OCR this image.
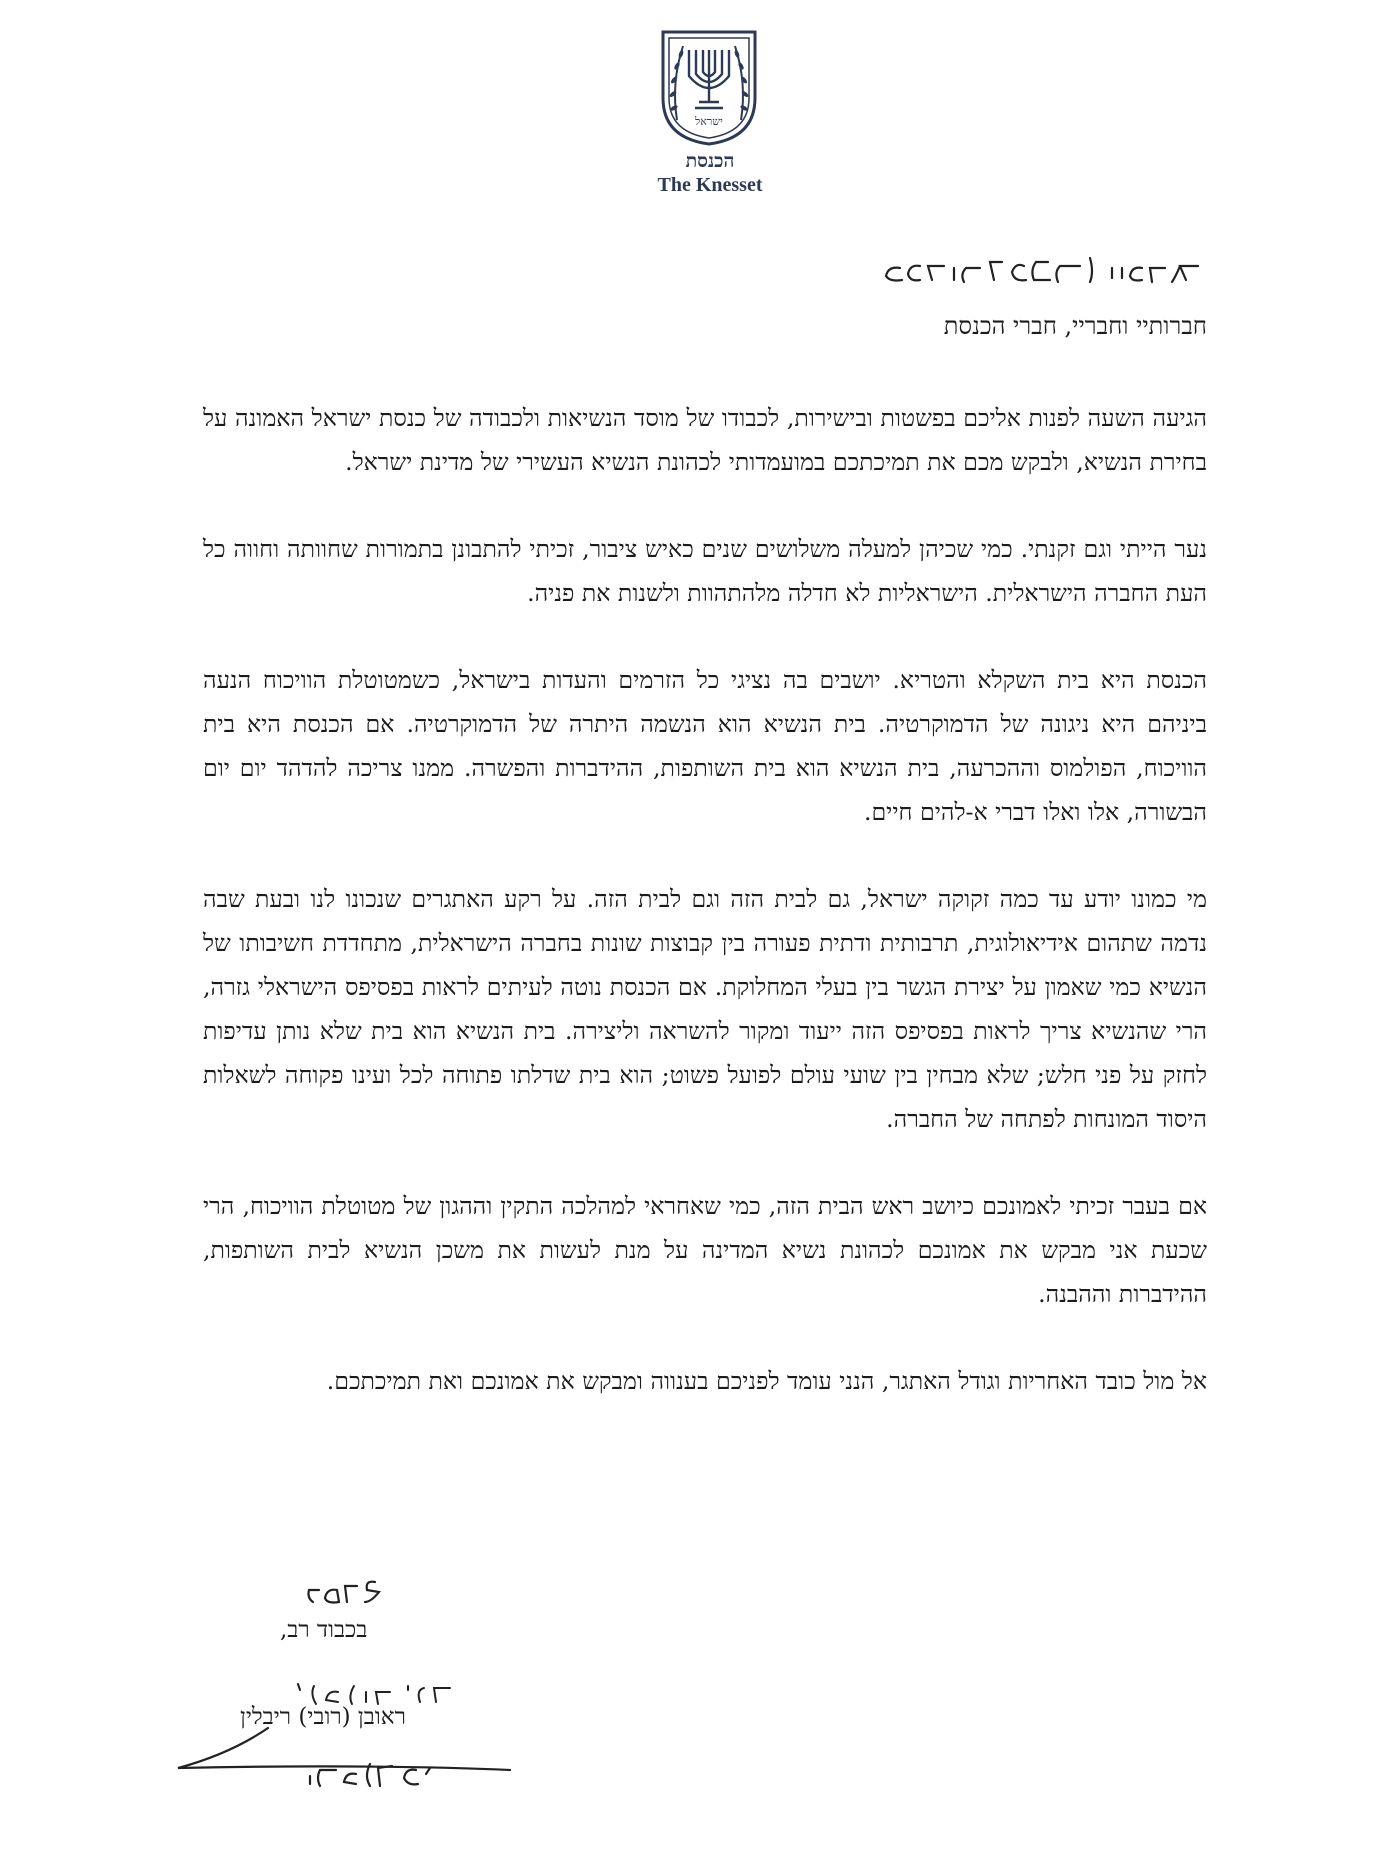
ישראל
הכנסת
The Knesset
חברותיי וחבריי, חברי הכנסת

הגיעה השעה לפנות אליכם בפשטות ובישירות, לכבודו של מוסד הנשיאות ולכבודה של כנסת ישראל האמונה על בחירת הנשיא, ולבקש מכם את תמיכתכם במועמדותי לכהונת הנשיא העשירי של מדינת ישראל.

נער הייתי וגם זקנתי. כמי שכיהן למעלה משלושים שנים כאיש ציבור, זכיתי להתבונן בתמורות שחוותה וחווה כל העת החברה הישראלית. הישראליות לא חדלה מלהתהוות ולשנות את פניה.

הכנסת היא בית השקלא והטריא. יושבים בה נציגי כל הזרמים והעדות בישראל, כשמטוטלת הוויכוח הנעה ביניהם היא ניגונה של הדמוקרטיה. בית הנשיא הוא הנשמה היתרה של הדמוקרטיה. אם הכנסת היא בית הוויכוח, הפולמוס וההכרעה, בית הנשיא הוא בית השותפות, ההידברות והפשרה. ממנו צריכה להדהד יום יום הבשורה, אלו ואלו דברי א-להים חיים.

מי כמונו יודע עד כמה זקוקה ישראל, גם לבית הזה וגם לבית הזה. על רקע האתגרים שנכונו לנו ובעת שבה נדמה שתהום אידיאולוגית, תרבותית ודתית פעורה בין קבוצות שונות בחברה הישראלית, מתחדדת חשיבותו של הנשיא כמי שאמון על יצירת הגשר בין בעלי המחלוקת. אם הכנסת נוטה לעיתים לראות בפסיפס הישראלי גזרה, הרי שהנשיא צריך לראות בפסיפס הזה ייעוד ומקור להשראה וליצירה. בית הנשיא הוא בית שלא נותן עדיפות לחזק על פני חלש; שלא מבחין בין שועי עולם לפועל פשוט; הוא בית שדלתו פתוחה לכל ועינו פקוחה לשאלות היסוד המונחות לפתחה של החברה.

אם בעבר זכיתי לאמונכם כיושב ראש הבית הזה, כמי שאחראי למהלכה התקין וההגון של מטוטלת הוויכוח, הרי שכעת אני מבקש את אמונכם לכהונת נשיא המדינה על מנת לעשות את משכן הנשיא לבית השותפות, ההידברות וההבנה.

אל מול כובד האחריות וגודל האתגר, הנני עומד לפניכם בענווה ומבקש את אמונכם ואת תמיכתכם.

בכבוד רב,
ראובן (רובי) ריבלין
